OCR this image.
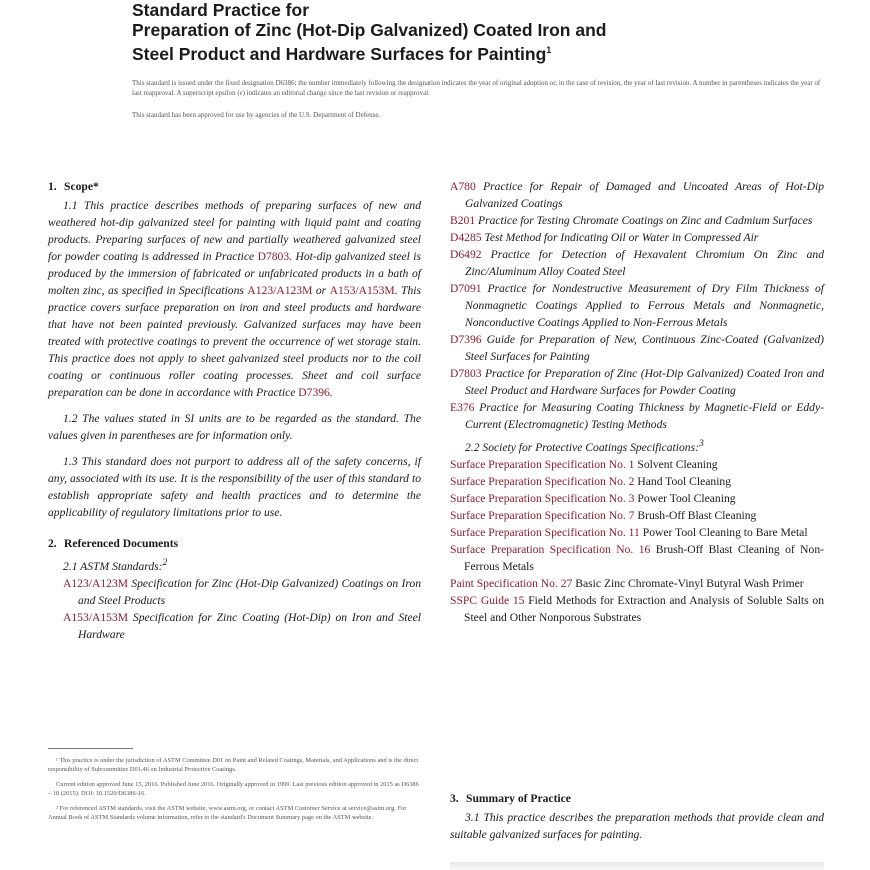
Standard Practice for
Preparation of Zinc (Hot-Dip Galvanized) Coated Iron and
Steel Product and Hardware Surfaces for Painting$^1$

This standard is issued under the fixed designation D6386; the number immediately following the designation indicates the year of original adoption or, in the case of revision, the year of last revision. A number in parentheses indicates the year of last reapproval. A superscript epsilon (ε) indicates an editorial change since the last revision or reapproval.
This standard has been approved for use by agencies of the U.S. Department of Defense.
1. Scope*

1.1 This practice describes methods of preparing surfaces of new and weathered hot-dip galvanized steel for painting with liquid paint and coating products. Preparing surfaces of new and partially weathered galvanized steel for powder coating is addressed in Practice D7803. Hot-dip galvanized steel is produced by the immersion of fabricated or unfabricated products in a bath of molten zinc, as specified in Specifications A123/A123M or A153/A153M. This practice covers surface preparation on iron and steel products and hardware that have not been painted previously. Galvanized surfaces may have been treated with protective coatings to prevent the occurrence of wet storage stain. This practice does not apply to sheet galvanized steel products nor to the coil coating or continuous roller coating processes. Sheet and coil surface preparation can be done in accordance with Practice D7396.

1.2 The values stated in SI units are to be regarded as the standard. The values given in parentheses are for information only.

1.3 This standard does not purport to address all of the safety concerns, if any, associated with its use. It is the responsibility of the user of this standard to establish appropriate safety and health practices and to determine the applicability of regulatory limitations prior to use.

2. Referenced Documents
2.1 ASTM Standards:$^2$

A123/A123M Specification for Zinc (Hot-Dip Galvanized) Coatings on Iron and Steel Products

A153/A153M Specification for Zinc Coating (Hot-Dip) on Iron and Steel Hardware

A780 Practice for Repair of Damaged and Uncoated Areas of Hot-Dip Galvanized Coatings

B201 Practice for Testing Chromate Coatings on Zinc and Cadmium Surfaces

D4285 Test Method for Indicating Oil or Water in Compressed Air

D6492 Practice for Detection of Hexavalent Chromium On Zinc and Zinc/Aluminum Alloy Coated Steel

D7091 Practice for Nondestructive Measurement of Dry Film Thickness of Nonmagnetic Coatings Applied to Ferrous Metals and Nonmagnetic, Nonconductive Coatings Applied to Non-Ferrous Metals

D7396 Guide for Preparation of New, Continuous Zinc-Coated (Galvanized) Steel Surfaces for Painting

D7803 Practice for Preparation of Zinc (Hot-Dip Galvanized) Coated Iron and Steel Product and Hardware Surfaces for Powder Coating

E376 Practice for Measuring Coating Thickness by Magnetic-Field or Eddy-Current (Electromagnetic) Testing Methods

2.2 Society for Protective Coatings Specifications:$^3$

Surface Preparation Specification No. 1 Solvent Cleaning

Surface Preparation Specification No. 2 Hand Tool Cleaning

Surface Preparation Specification No. 3 Power Tool Cleaning

Surface Preparation Specification No. 7 Brush-Off Blast Cleaning

Surface Preparation Specification No. 11 Power Tool Cleaning to Bare Metal

Surface Preparation Specification No. 16 Brush-Off Blast Cleaning of Non-Ferrous Metals

Paint Specification No. 27 Basic Zinc Chromate-Vinyl Butyral Wash Primer

SSPC Guide 15 Field Methods for Extraction and Analysis of Soluble Salts on Steel and Other Nonporous Substrates

¹ This practice is under the jurisdiction of ASTM Committee D01 on Paint and Related Coatings, Materials, and Applications and is the direct responsibility of Subcommittee D01.46 on Industrial Protective Coatings.

Current edition approved June 15, 2016. Published June 2016. Originally approved in 1999. Last previous edition approved in 2015 as D6386 – 10 (2015). DOI: 10.1520/D6386-16.

² For referenced ASTM standards, visit the ASTM website, www.astm.org, or contact ASTM Customer Service at service@astm.org. For Annual Book of ASTM Standards volume information, refer to the standard's Document Summary page on the ASTM website.

3. Summary of Practice

3.1 This practice describes the preparation methods that provide clean and suitable galvanized surfaces for painting.
